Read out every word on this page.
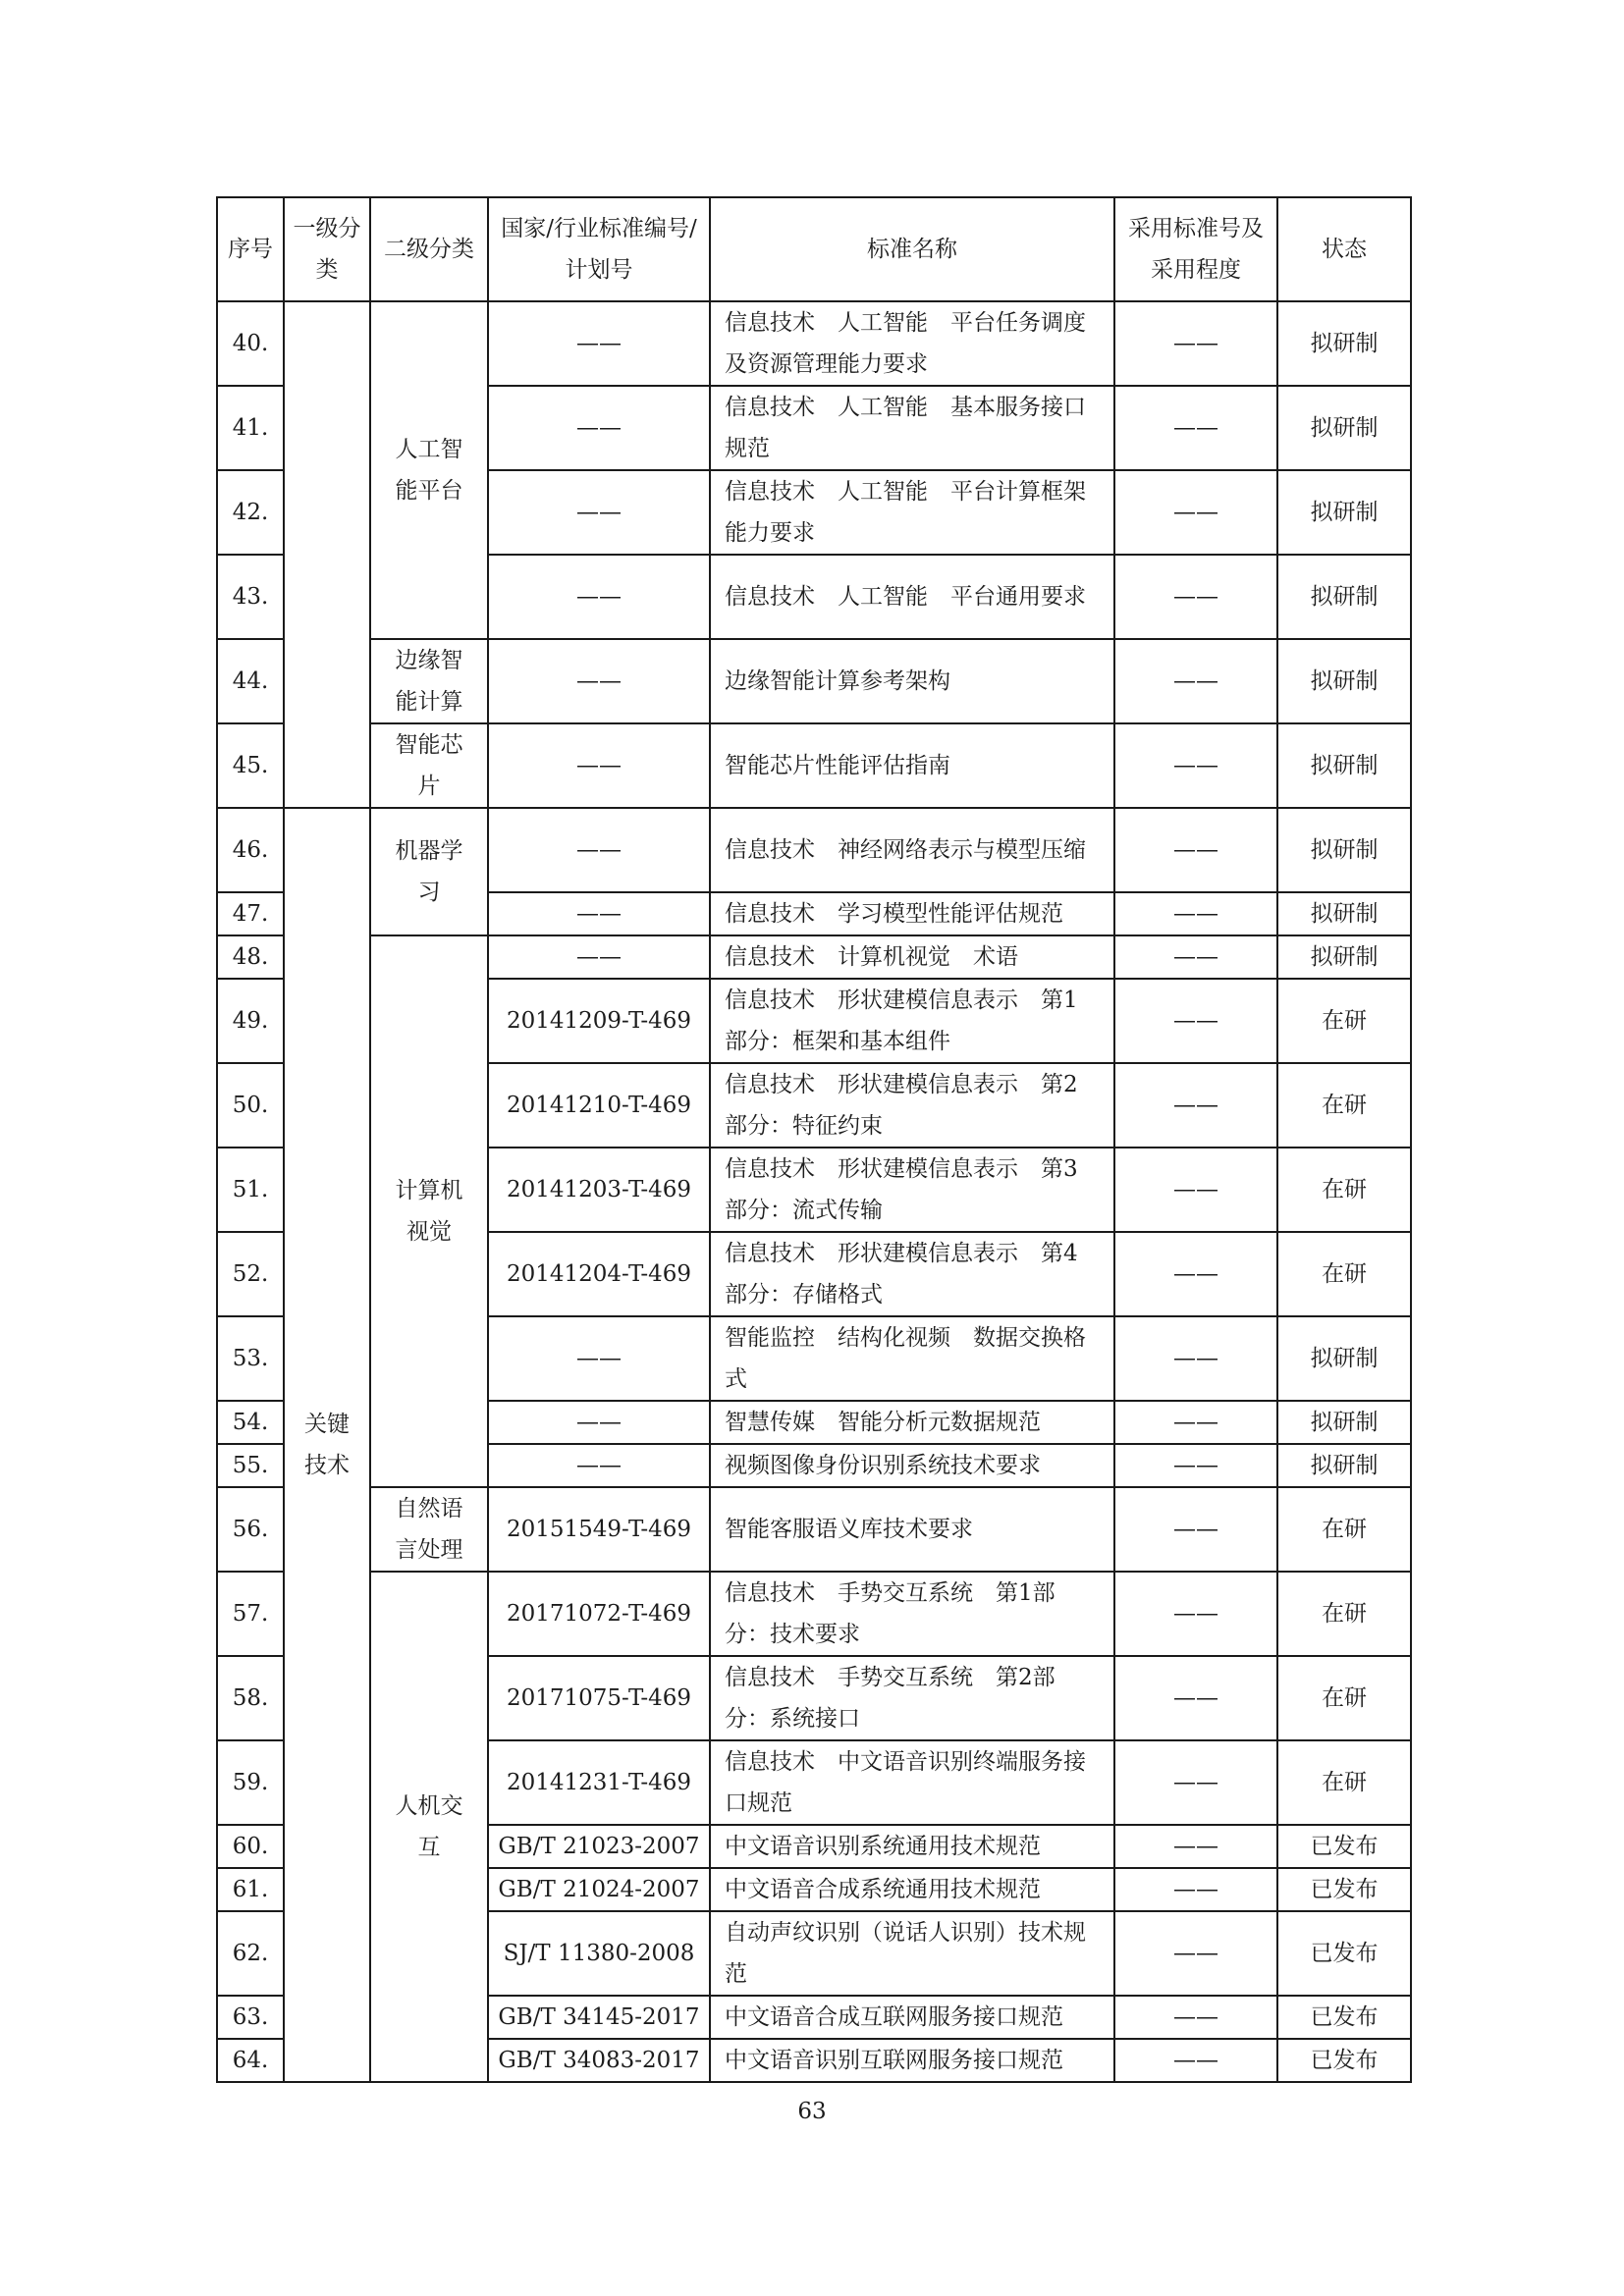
序号	一级分类	二级分类	国家/行业标准编号/计划号	标准名称	采用标准号及采用程度	状态
40.		人工智能平台	——	信息技术　人工智能　平台任务调度及资源管理能力要求	——	拟研制
41.			——	信息技术　人工智能　基本服务接口规范	——	拟研制
42.			——	信息技术　人工智能　平台计算框架能力要求	——	拟研制
43.			——	信息技术　人工智能　平台通用要求	——	拟研制
44.		边缘智能计算	——	边缘智能计算参考架构	——	拟研制
45.		智能芯片	——	智能芯片性能评估指南	——	拟研制
46.	关键技术	机器学习	——	信息技术　神经网络表示与模型压缩	——	拟研制
47.			——	信息技术　学习模型性能评估规范	——	拟研制
48.		计算机视觉	——	信息技术　计算机视觉　术语	——	拟研制
49.			20141209-T-469	信息技术　形状建模信息表示　第1部分：框架和基本组件	——	在研
50.			20141210-T-469	信息技术　形状建模信息表示　第2部分：特征约束	——	在研
51.			20141203-T-469	信息技术　形状建模信息表示　第3部分：流式传输	——	在研
52.			20141204-T-469	信息技术　形状建模信息表示　第4部分：存储格式	——	在研
53.			——	智能监控　结构化视频　数据交换格式	——	拟研制
54.			——	智慧传媒　智能分析元数据规范	——	拟研制
55.			——	视频图像身份识别系统技术要求	——	拟研制
56.		自然语言处理	20151549-T-469	智能客服语义库技术要求	——	在研
57.		人机交互	20171072-T-469	信息技术　手势交互系统　第1部分：技术要求	——	在研
58.			20171075-T-469	信息技术　手势交互系统　第2部分：系统接口	——	在研
59.			20141231-T-469	信息技术　中文语音识别终端服务接口规范	——	在研
60.			GB/T 21023-2007	中文语音识别系统通用技术规范	——	已发布
61.			GB/T 21024-2007	中文语音合成系统通用技术规范	——	已发布
62.			SJ/T 11380-2008	自动声纹识别（说话人识别）技术规范	——	已发布
63.			GB/T 34145-2017	中文语音合成互联网服务接口规范	——	已发布
64.			GB/T 34083-2017	中文语音识别互联网服务接口规范	——	已发布
63
